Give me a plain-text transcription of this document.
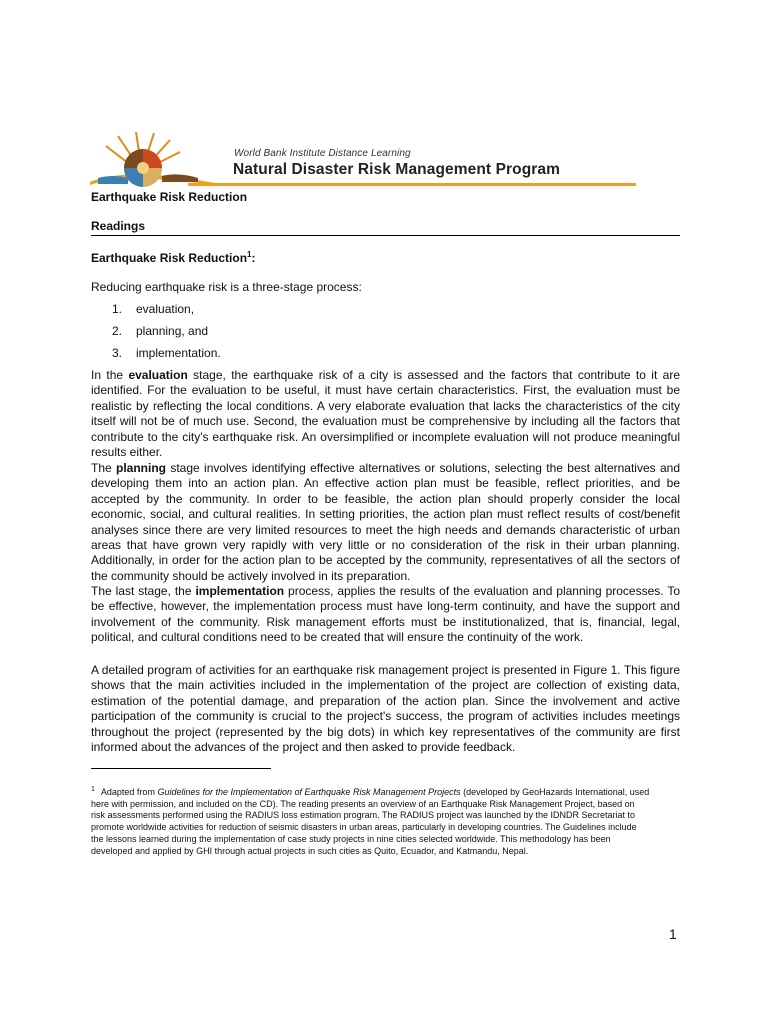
World Bank Institute Distance Learning
Natural Disaster Risk Management Program
Earthquake Risk Reduction
Readings
Earthquake Risk Reduction$^1$:
Reducing earthquake risk is a three-stage process:
1. evaluation,
2. planning, and
3. implementation.

In the evaluation stage, the earthquake risk of a city is assessed and the factors that contribute to it are identified. For the evaluation to be useful, it must have certain characteristics. First, the evaluation must be realistic by reflecting the local conditions. A very elaborate evaluation that lacks the characteristics of the city itself will not be of much use. Second, the evaluation must be comprehensive by including all the factors that contribute to the city's earthquake risk. An oversimplified or incomplete evaluation will not produce meaningful results either.

The planning stage involves identifying effective alternatives or solutions, selecting the best alternatives and developing them into an action plan. An effective action plan must be feasible, reflect priorities, and be accepted by the community. In order to be feasible, the action plan should properly consider the local economic, social, and cultural realities. In setting priorities, the action plan must reflect results of cost/benefit analyses since there are very limited resources to meet the high needs and demands characteristic of urban areas that have grown very rapidly with very little or no consideration of the risk in their urban planning. Additionally, in order for the action plan to be accepted by the community, representatives of all the sectors of the community should be actively involved in its preparation.

The last stage, the implementation process, applies the results of the evaluation and planning processes. To be effective, however, the implementation process must have long-term continuity, and have the support and involvement of the community. Risk management efforts must be institutionalized, that is, financial, legal, political, and cultural conditions need to be created that will ensure the continuity of the work.

A detailed program of activities for an earthquake risk management project is presented in Figure 1. This figure shows that the main activities included in the implementation of the project are collection of existing data, estimation of the potential damage, and preparation of the action plan. Since the involvement and active participation of the community is crucial to the project's success, the program of activities includes meetings throughout the project (represented by the big dots) in which key representatives of the community are first informed about the advances of the project and then asked to provide feedback.

$^1$ Adapted from Guidelines for the Implementation of Earthquake Risk Management Projects (developed by GeoHazards International, used here with permission, and included on the CD). The reading presents an overview of an Earthquake Risk Management Project, based on risk assessments performed using the RADIUS loss estimation program. The RADIUS project was launched by the IDNDR Secretariat to promote worldwide activities for reduction of seismic disasters in urban areas, particularly in developing countries. The Guidelines include the lessons learned during the implementation of case study projects in nine cities selected worldwide. This methodology has been developed and applied by GHI through actual projects in such cities as Quito, Ecuador, and Katmandu, Nepal.

1
